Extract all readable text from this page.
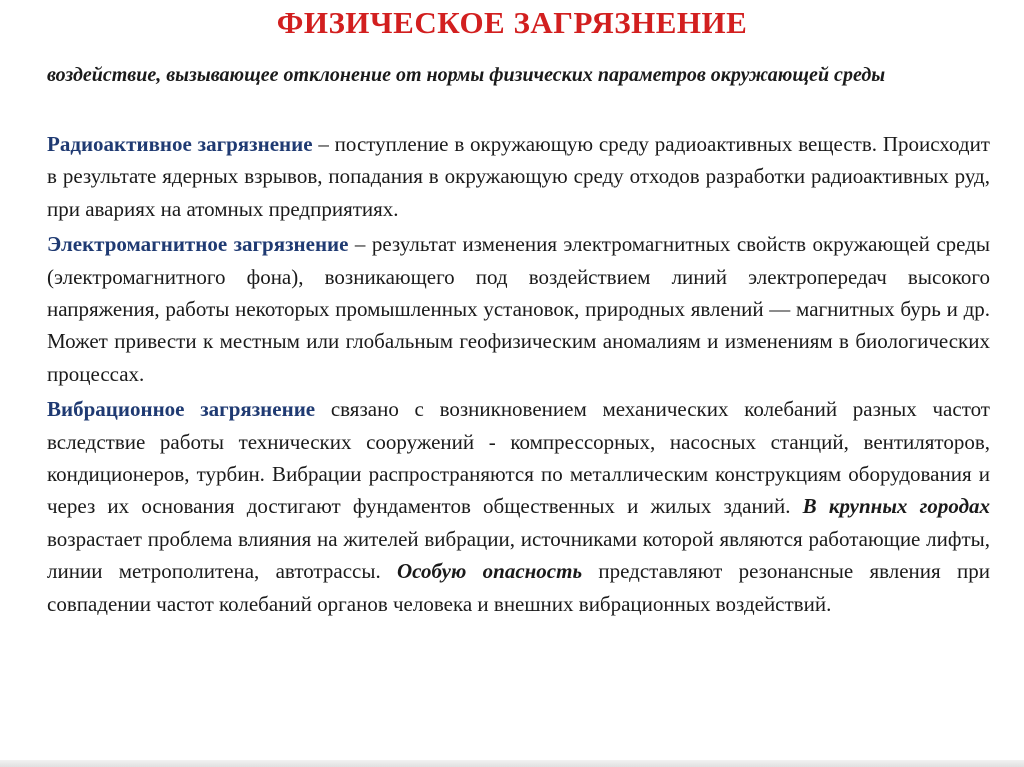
ФИЗИЧЕСКОЕ ЗАГРЯЗНЕНИЕ
воздействие, вызывающее отклонение от нормы физических параметров окружающей среды

Радиоактивное загрязнение – поступление в окружающую среду радиоактивных веществ. Происходит в результате ядерных взрывов, попадания в окружающую среду отходов разработки радиоактивных руд, при авариях на атомных предприятиях.

Электромагнитное загрязнение – результат изменения электромагнитных свойств окружающей среды (электромагнитного фона), возникающего под воздействием линий электропередач высокого напряжения, работы некоторых промышленных установок, природных явлений — магнитных бурь и др. Может привести к местным или глобальным геофизическим аномалиям и изменениям в биологических процессах.

Вибрационное загрязнение связано с возникновением механических колебаний разных частот вследствие работы технических сооружений - компрессорных, насосных станций, вентиляторов, кондиционеров, турбин. Вибрации распространяются по металлическим конструкциям оборудования и через их основания достигают фундаментов общественных и жилых зданий. В крупных городах возрастает проблема влияния на жителей вибрации, источниками которой являются работающие лифты, линии метрополитена, автотрассы. Особую опасность представляют резонансные явления при совпадении частот колебаний органов человека и внешних вибрационных воздействий.
